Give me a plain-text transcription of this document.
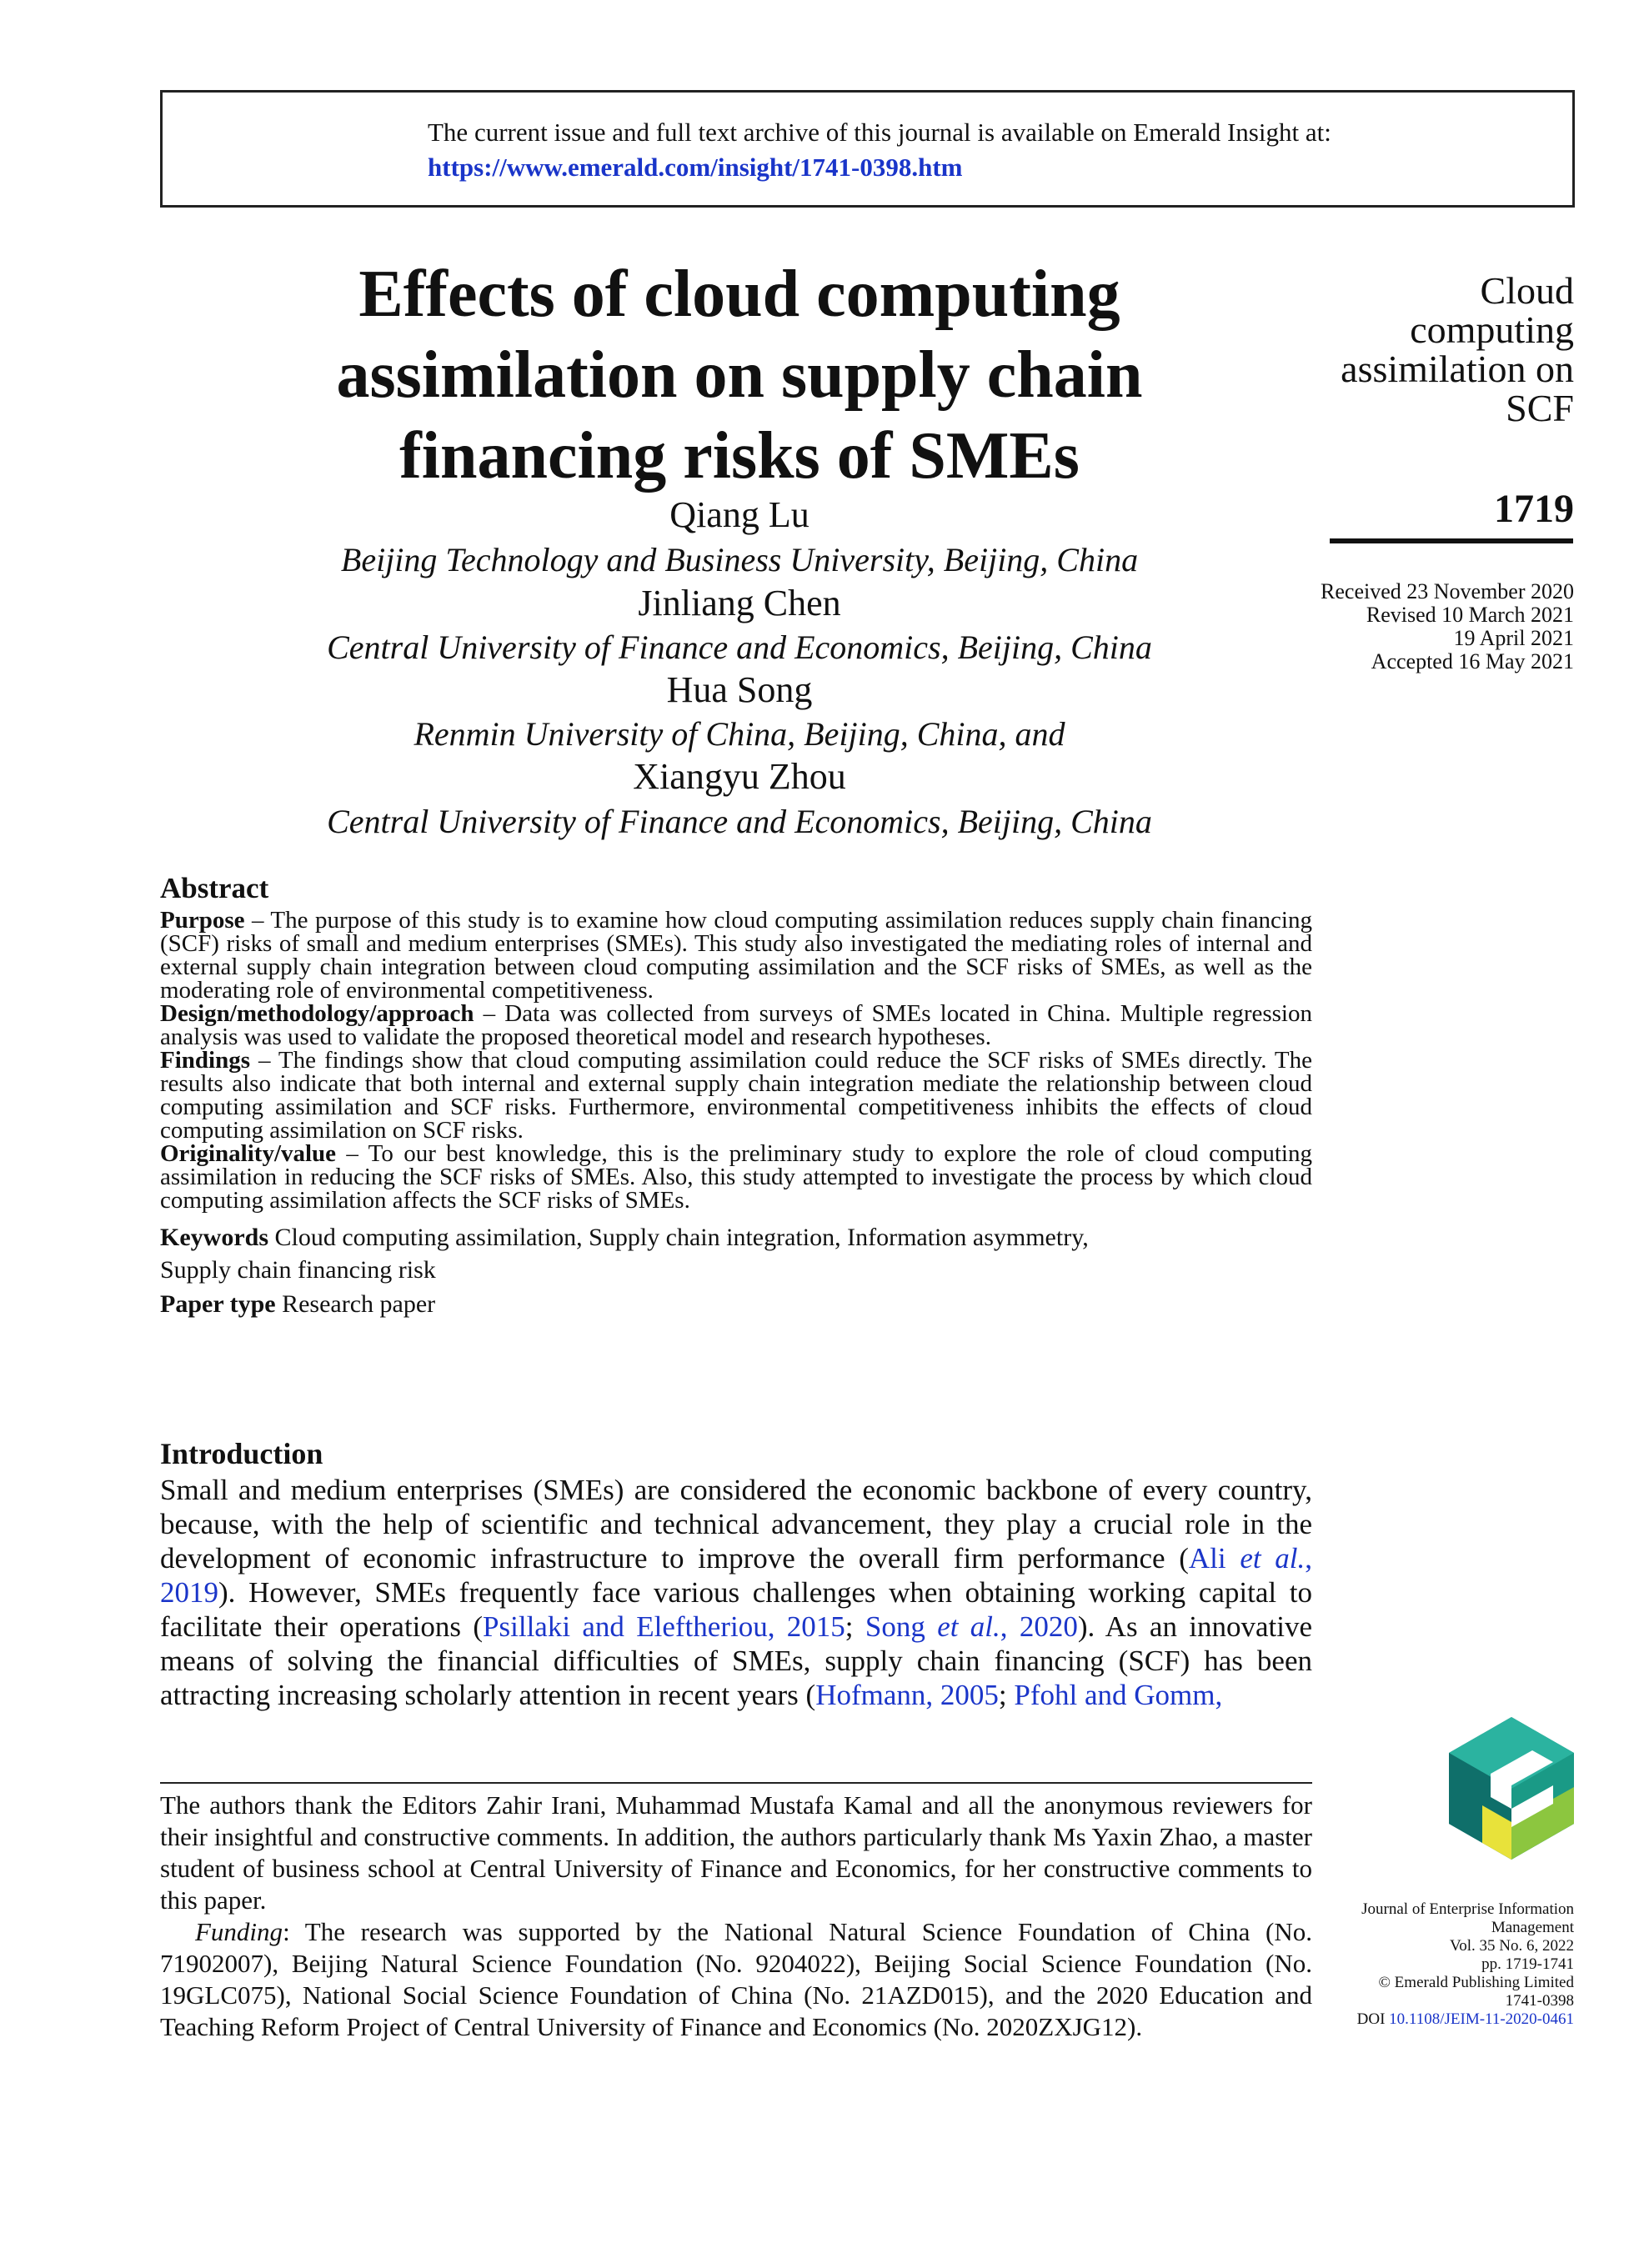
The current issue and full text archive of this journal is available on Emerald Insight at:
https://www.emerald.com/insight/1741-0398.htm
Effects of cloud computing
assimilation on supply chain
financing risks of SMEs
Qiang Lu
Beijing Technology and Business University, Beijing, China
Jinliang Chen
Central University of Finance and Economics, Beijing, China
Hua Song
Renmin University of China, Beijing, China, and
Xiangyu Zhou
Central University of Finance and Economics, Beijing, China
Cloud
computing
assimilation on
SCF
1719
Received 23 November 2020
Revised 10 March 2021
19 April 2021
Accepted 16 May 2021
Abstract

Purpose – The purpose of this study is to examine how cloud computing assimilation reduces supply chain financing (SCF) risks of small and medium enterprises (SMEs). This study also investigated the mediating roles of internal and external supply chain integration between cloud computing assimilation and the SCF risks of SMEs, as well as the moderating role of environmental competitiveness.

Design/methodology/approach – Data was collected from surveys of SMEs located in China. Multiple regression analysis was used to validate the proposed theoretical model and research hypotheses.

Findings – The findings show that cloud computing assimilation could reduce the SCF risks of SMEs directly. The results also indicate that both internal and external supply chain integration mediate the relationship between cloud computing assimilation and SCF risks. Furthermore, environmental competitiveness inhibits the effects of cloud computing assimilation on SCF risks.

Originality/value – To our best knowledge, this is the preliminary study to explore the role of cloud computing assimilation in reducing the SCF risks of SMEs. Also, this study attempted to investigate the process by which cloud computing assimilation affects the SCF risks of SMEs.

Keywords Cloud computing assimilation, Supply chain integration, Information asymmetry,

Supply chain financing risk

Paper type Research paper

Introduction

Small and medium enterprises (SMEs) are considered the economic backbone of every country, because, with the help of scientific and technical advancement, they play a crucial role in the development of economic infrastructure to improve the overall firm performance (Ali et al., 2019). However, SMEs frequently face various challenges when obtaining working capital to facilitate their operations (Psillaki and Eleftheriou, 2015; Song et al., 2020). As an innovative means of solving the financial difficulties of SMEs, supply chain financing (SCF) has been attracting increasing scholarly attention in recent years (Hofmann, 2005; Pfohl and Gomm,

The authors thank the Editors Zahir Irani, Muhammad Mustafa Kamal and all the anonymous reviewers for their insightful and constructive comments. In addition, the authors particularly thank Ms Yaxin Zhao, a master student of business school at Central University of Finance and Economics, for her constructive comments to this paper.

Funding: The research was supported by the National Natural Science Foundation of China (No. 71902007), Beijing Natural Science Foundation (No. 9204022), Beijing Social Science Foundation (No. 19GLC075), National Social Science Foundation of China (No. 21AZD015), and the 2020 Education and Teaching Reform Project of Central University of Finance and Economics (No. 2020ZXJG12).

Journal of Enterprise Information
Management
Vol. 35 No. 6, 2022
pp. 1719-1741
© Emerald Publishing Limited
1741-0398
DOI 10.1108/JEIM-11-2020-0461
